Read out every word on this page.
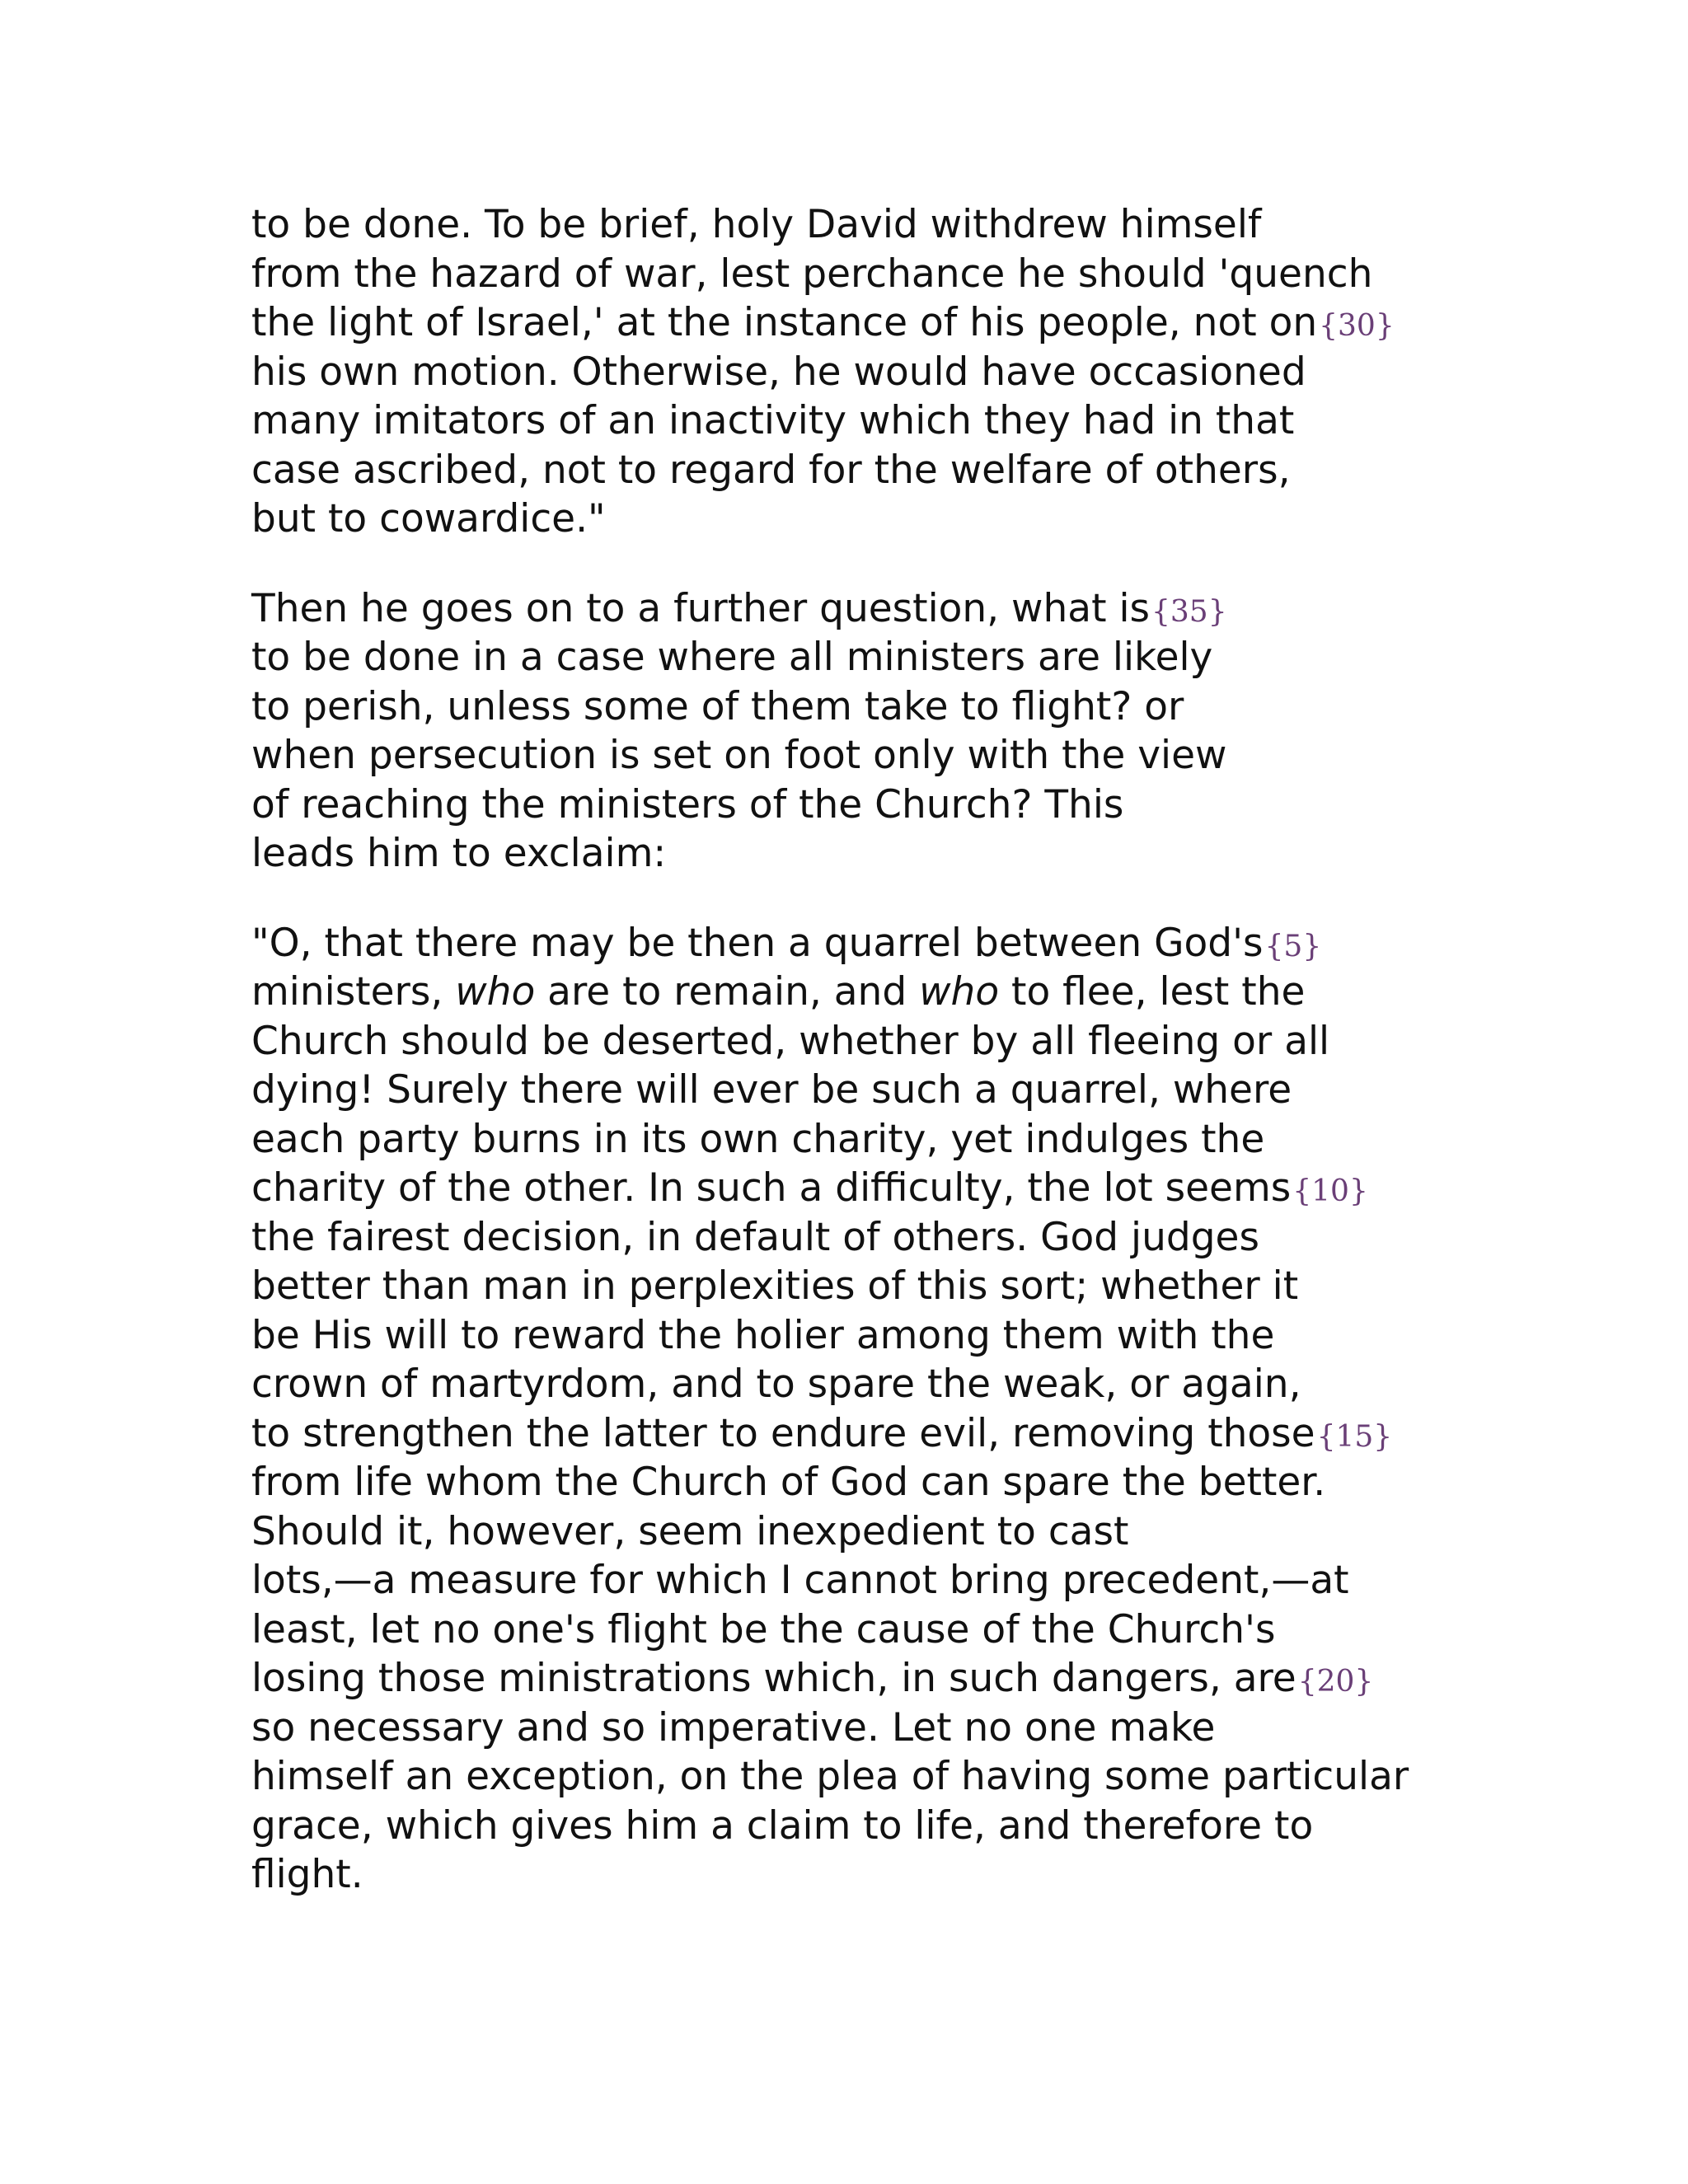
to be done. To be brief, holy David withdrew himself
from the hazard of war, lest perchance he should 'quench
the light of Israel,' at the instance of his people, not on{30}
his own motion. Otherwise, he would have occasioned
many imitators of an inactivity which they had in that
case ascribed, not to regard for the welfare of others,
but to cowardice."
Then he goes on to a further question, what is{35}
to be done in a case where all ministers are likely
to perish, unless some of them take to flight? or
when persecution is set on foot only with the view
of reaching the ministers of the Church? This
leads him to exclaim:
"O, that there may be then a quarrel between God's{5}
ministers, who are to remain, and who to flee, lest the
Church should be deserted, whether by all fleeing or all
dying! Surely there will ever be such a quarrel, where
each party burns in its own charity, yet indulges the
charity of the other. In such a difficulty, the lot seems{10}
the fairest decision, in default of others. God judges
better than man in perplexities of this sort; whether it
be His will to reward the holier among them with the
crown of martyrdom, and to spare the weak, or again,
to strengthen the latter to endure evil, removing those{15}
from life whom the Church of God can spare the better.
Should it, however, seem inexpedient to cast
lots,—a measure for which I cannot bring precedent,—at
least, let no one's flight be the cause of the Church's
losing those ministrations which, in such dangers, are{20}
so necessary and so imperative. Let no one make
himself an exception, on the plea of having some particular
grace, which gives him a claim to life, and therefore to
flight.
